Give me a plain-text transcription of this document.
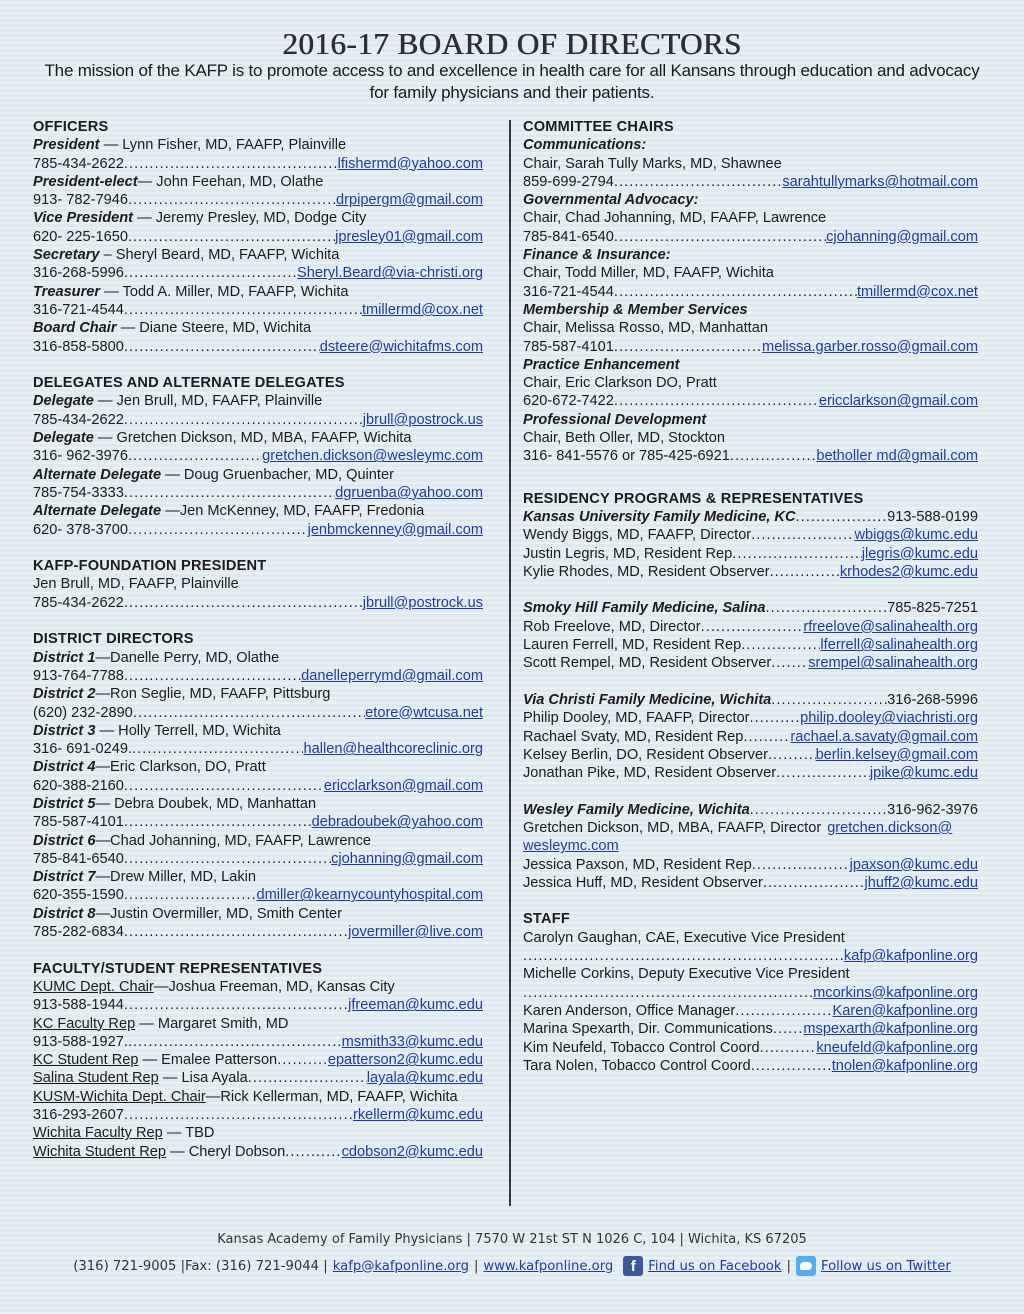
2016-17 BOARD OF DIRECTORS
The mission of the KAFP is to promote access to and excellence in health care for all Kansans through education and advocacy for family physicians and their patients.
OFFICERS
President — Lynn Fisher, MD, FAAFP, Plainville
785-434-2622 . . .	lfishermd@yahoo.com
President-elect— John Feehan, MD, Olathe
913- 782-7946 . . .	drpipergm@gmail.com
Vice President — Jeremy Presley, MD, Dodge City
620- 225-1650 . . .	jpresley01@gmail.com
Secretary – Sheryl Beard, MD, FAAFP, Wichita
316-268-5996 . . .	Sheryl.Beard@via-christi.org
Treasurer — Todd A. Miller, MD, FAAFP, Wichita
316-721-4544 . . .	tmillermd@cox.net
Board Chair — Diane Steere, MD, Wichita
316-858-5800 . . .	dsteere@wichitafms.com
DELEGATES AND ALTERNATE DELEGATES
Delegate — Jen Brull, MD, FAAFP, Plainville
785-434-2622 . . .	jbrull@postrock.us
Delegate — Gretchen Dickson, MD, MBA, FAAFP, Wichita
316- 962-3976 . . .	gretchen.dickson@wesleymc.com
Alternate Delegate — Doug Gruenbacher, MD, Quinter
785-754-3333 . . .	dgruenba@yahoo.com
Alternate Delegate —Jen McKenney, MD, FAAFP, Fredonia
620- 378-3700 . . .	jenbmckenney@gmail.com
KAFP-FOUNDATION PRESIDENT
Jen Brull, MD, FAAFP, Plainville
785-434-2622 . . .	jbrull@postrock.us
DISTRICT DIRECTORS
District 1—Danelle Perry, MD, Olathe
913-764-7788 . . .	danelleperrymd@gmail.com
District 2—Ron Seglie, MD, FAAFP, Pittsburg
(620) 232-2890 . . .	etore@wtcusa.net
District 3 — Holly Terrell, MD, Wichita
316- 691-0249. . . .	hallen@healthcoreclinic.org
District 4—Eric Clarkson, DO, Pratt
620-388-2160 . . .	ericclarkson@gmail.com
District 5— Debra Doubek, MD, Manhattan
785-587-4101 . . .	debradoubek@yahoo.com
District 6—Chad Johanning, MD, FAAFP, Lawrence
785-841-6540 . . .	cjohanning@gmail.com
District 7—Drew Miller, MD, Lakin
620-355-1590 . . .	dmiller@kearnycountyhospital.com
District 8—Justin Overmiller, MD, Smith Center
785-282-6834 . . .	jovermiller@live.com
FACULTY/STUDENT REPRESENTATIVES
KUMC Dept. Chair—Joshua Freeman, MD, Kansas City
913-588-1944 . . .	jfreeman@kumc.edu
KC Faculty Rep — Margaret Smith, MD
913-588-1927. . . .	msmith33@kumc.edu
KC Student Rep — Emalee Patterson . . .	epatterson2@kumc.edu
Salina Student Rep — Lisa Ayala . . .	layala@kumc.edu
KUSM-Wichita Dept. Chair—Rick Kellerman, MD, FAAFP, Wichita
316-293-2607 . . .	rkellerm@kumc.edu
Wichita Faculty Rep — TBD
Wichita Student Rep — Cheryl Dobson . . .	cdobson2@kumc.edu
COMMITTEE CHAIRS
Communications:
Chair, Sarah Tully Marks, MD, Shawnee
859-699-2794 . . .	sarahtullymarks@hotmail.com
Governmental Advocacy:
Chair, Chad Johanning, MD, FAAFP, Lawrence
785-841-6540 . . .	cjohanning@gmail.com
Finance & Insurance:
Chair, Todd Miller, MD, FAAFP, Wichita
316-721-4544 . . .	tmillermd@cox.net
Membership & Member Services
Chair, Melissa Rosso, MD, Manhattan
785-587-4101 . . .	melissa.garber.rosso@gmail.com
Practice Enhancement
Chair, Eric Clarkson DO, Pratt
620-672-7422 . . .	ericclarkson@gmail.com
Professional Development
Chair, Beth Oller, MD, Stockton
316- 841-5576 or 785-425-6921 . . .	betholler md@gmail.com
RESIDENCY PROGRAMS & REPRESENTATIVES
Kansas University Family Medicine, KC . . .	913-588-0199
Wendy Biggs, MD, FAAFP, Director . . .	wbiggs@kumc.edu
Justin Legris, MD, Resident Rep . . .	jlegris@kumc.edu
Kylie Rhodes, MD, Resident Observer . . .	krhodes2@kumc.edu
Smoky Hill Family Medicine, Salina . . .	785-825-7251
Rob Freelove, MD, Director . . .	rfreelove@salinahealth.org
Lauren Ferrell, MD, Resident Rep . . .	lferrell@salinahealth.org
Scott Rempel, MD, Resident Observer . . .	srempel@salinahealth.org
Via Christi Family Medicine, Wichita . . .	316-268-5996
Philip Dooley, MD, FAAFP, Director . . .	philip.dooley@viachristi.org
Rachael Svaty, MD, Resident Rep . . .	rachael.a.savaty@gmail.com
Kelsey Berlin, DO, Resident Observer . . .	berlin.kelsey@gmail.com
Jonathan Pike, MD, Resident Observer . . .	jpike@kumc.edu
Wesley Family Medicine, Wichita . . .	316-962-3976
Gretchen Dickson, MD, MBA, FAAFP, Director gretchen.dickson@
wesleymc.com
Jessica Paxson, MD, Resident Rep . . .	jpaxson@kumc.edu
Jessica Huff, MD, Resident Observer . . .	jhuff2@kumc.edu
STAFF
Carolyn Gaughan, CAE, Executive Vice President
. . .
kafp@kafponline.org
Michelle Corkins, Deputy Executive Vice President
. . .
mcorkins@kafponline.org
Karen Anderson, Office Manager . . .	Karen@kafponline.org
Marina Spexarth, Dir. Communications . . . mspexarth@kafponline.org
Kim Neufeld, Tobacco Control Coord . . .	kneufeld@kafponline.org
Tara Nolen, Tobacco Control Coord . . .	tnolen@kafponline.org
Kansas Academy of Family Physicians | 7570 W 21st ST N 1026 C, 104 | Wichita, KS 67205
(316) 721-9005 |Fax: (316) 721-9044 | kafp@kafponline.org | www.kafponline.org	f Find us on Facebook |	Follow us on Twitter
